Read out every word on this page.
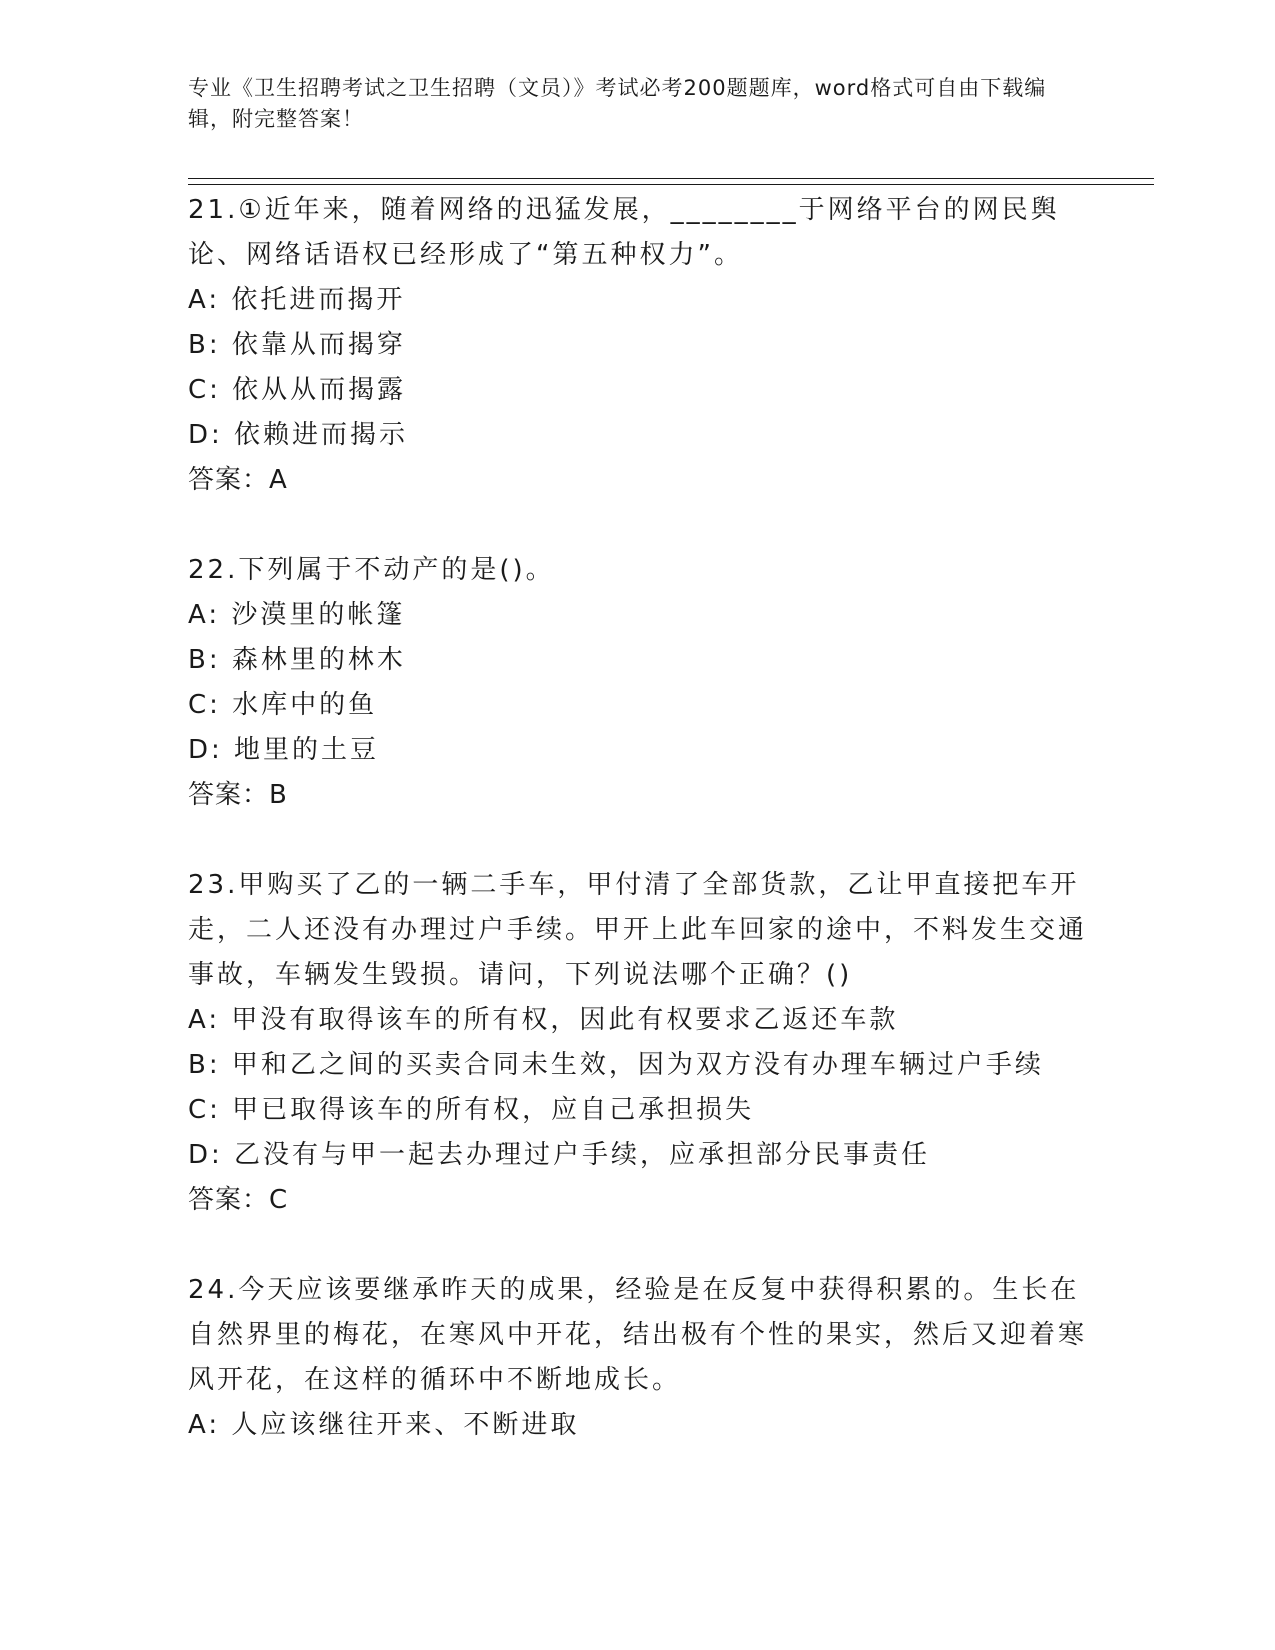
专业《卫生招聘考试之卫生招聘（文员）》考试必考200题题库，word格式可自由下载编辑，附完整答案！

21.①近年来，随着网络的迅猛发展，________于网络平台的网民舆论、网络话语权已经形成了“第五种权力”。

A: 依托进而揭开

B: 依靠从而揭穿

C: 依从从而揭露

D: 依赖进而揭示

答案：A

22.下列属于不动产的是()。

A: 沙漠里的帐篷

B: 森林里的林木

C: 水库中的鱼

D: 地里的土豆

答案：B

23.甲购买了乙的一辆二手车，甲付清了全部货款，乙让甲直接把车开走，二人还没有办理过户手续。甲开上此车回家的途中，不料发生交通事故，车辆发生毁损。请问，下列说法哪个正确？()

A: 甲没有取得该车的所有权，因此有权要求乙返还车款

B: 甲和乙之间的买卖合同未生效，因为双方没有办理车辆过户手续

C: 甲已取得该车的所有权，应自己承担损失

D: 乙没有与甲一起去办理过户手续，应承担部分民事责任

答案：C

24.今天应该要继承昨天的成果，经验是在反复中获得积累的。生长在自然界里的梅花，在寒风中开花，结出极有个性的果实，然后又迎着寒风开花，在这样的循环中不断地成长。

A: 人应该继往开来、不断进取
